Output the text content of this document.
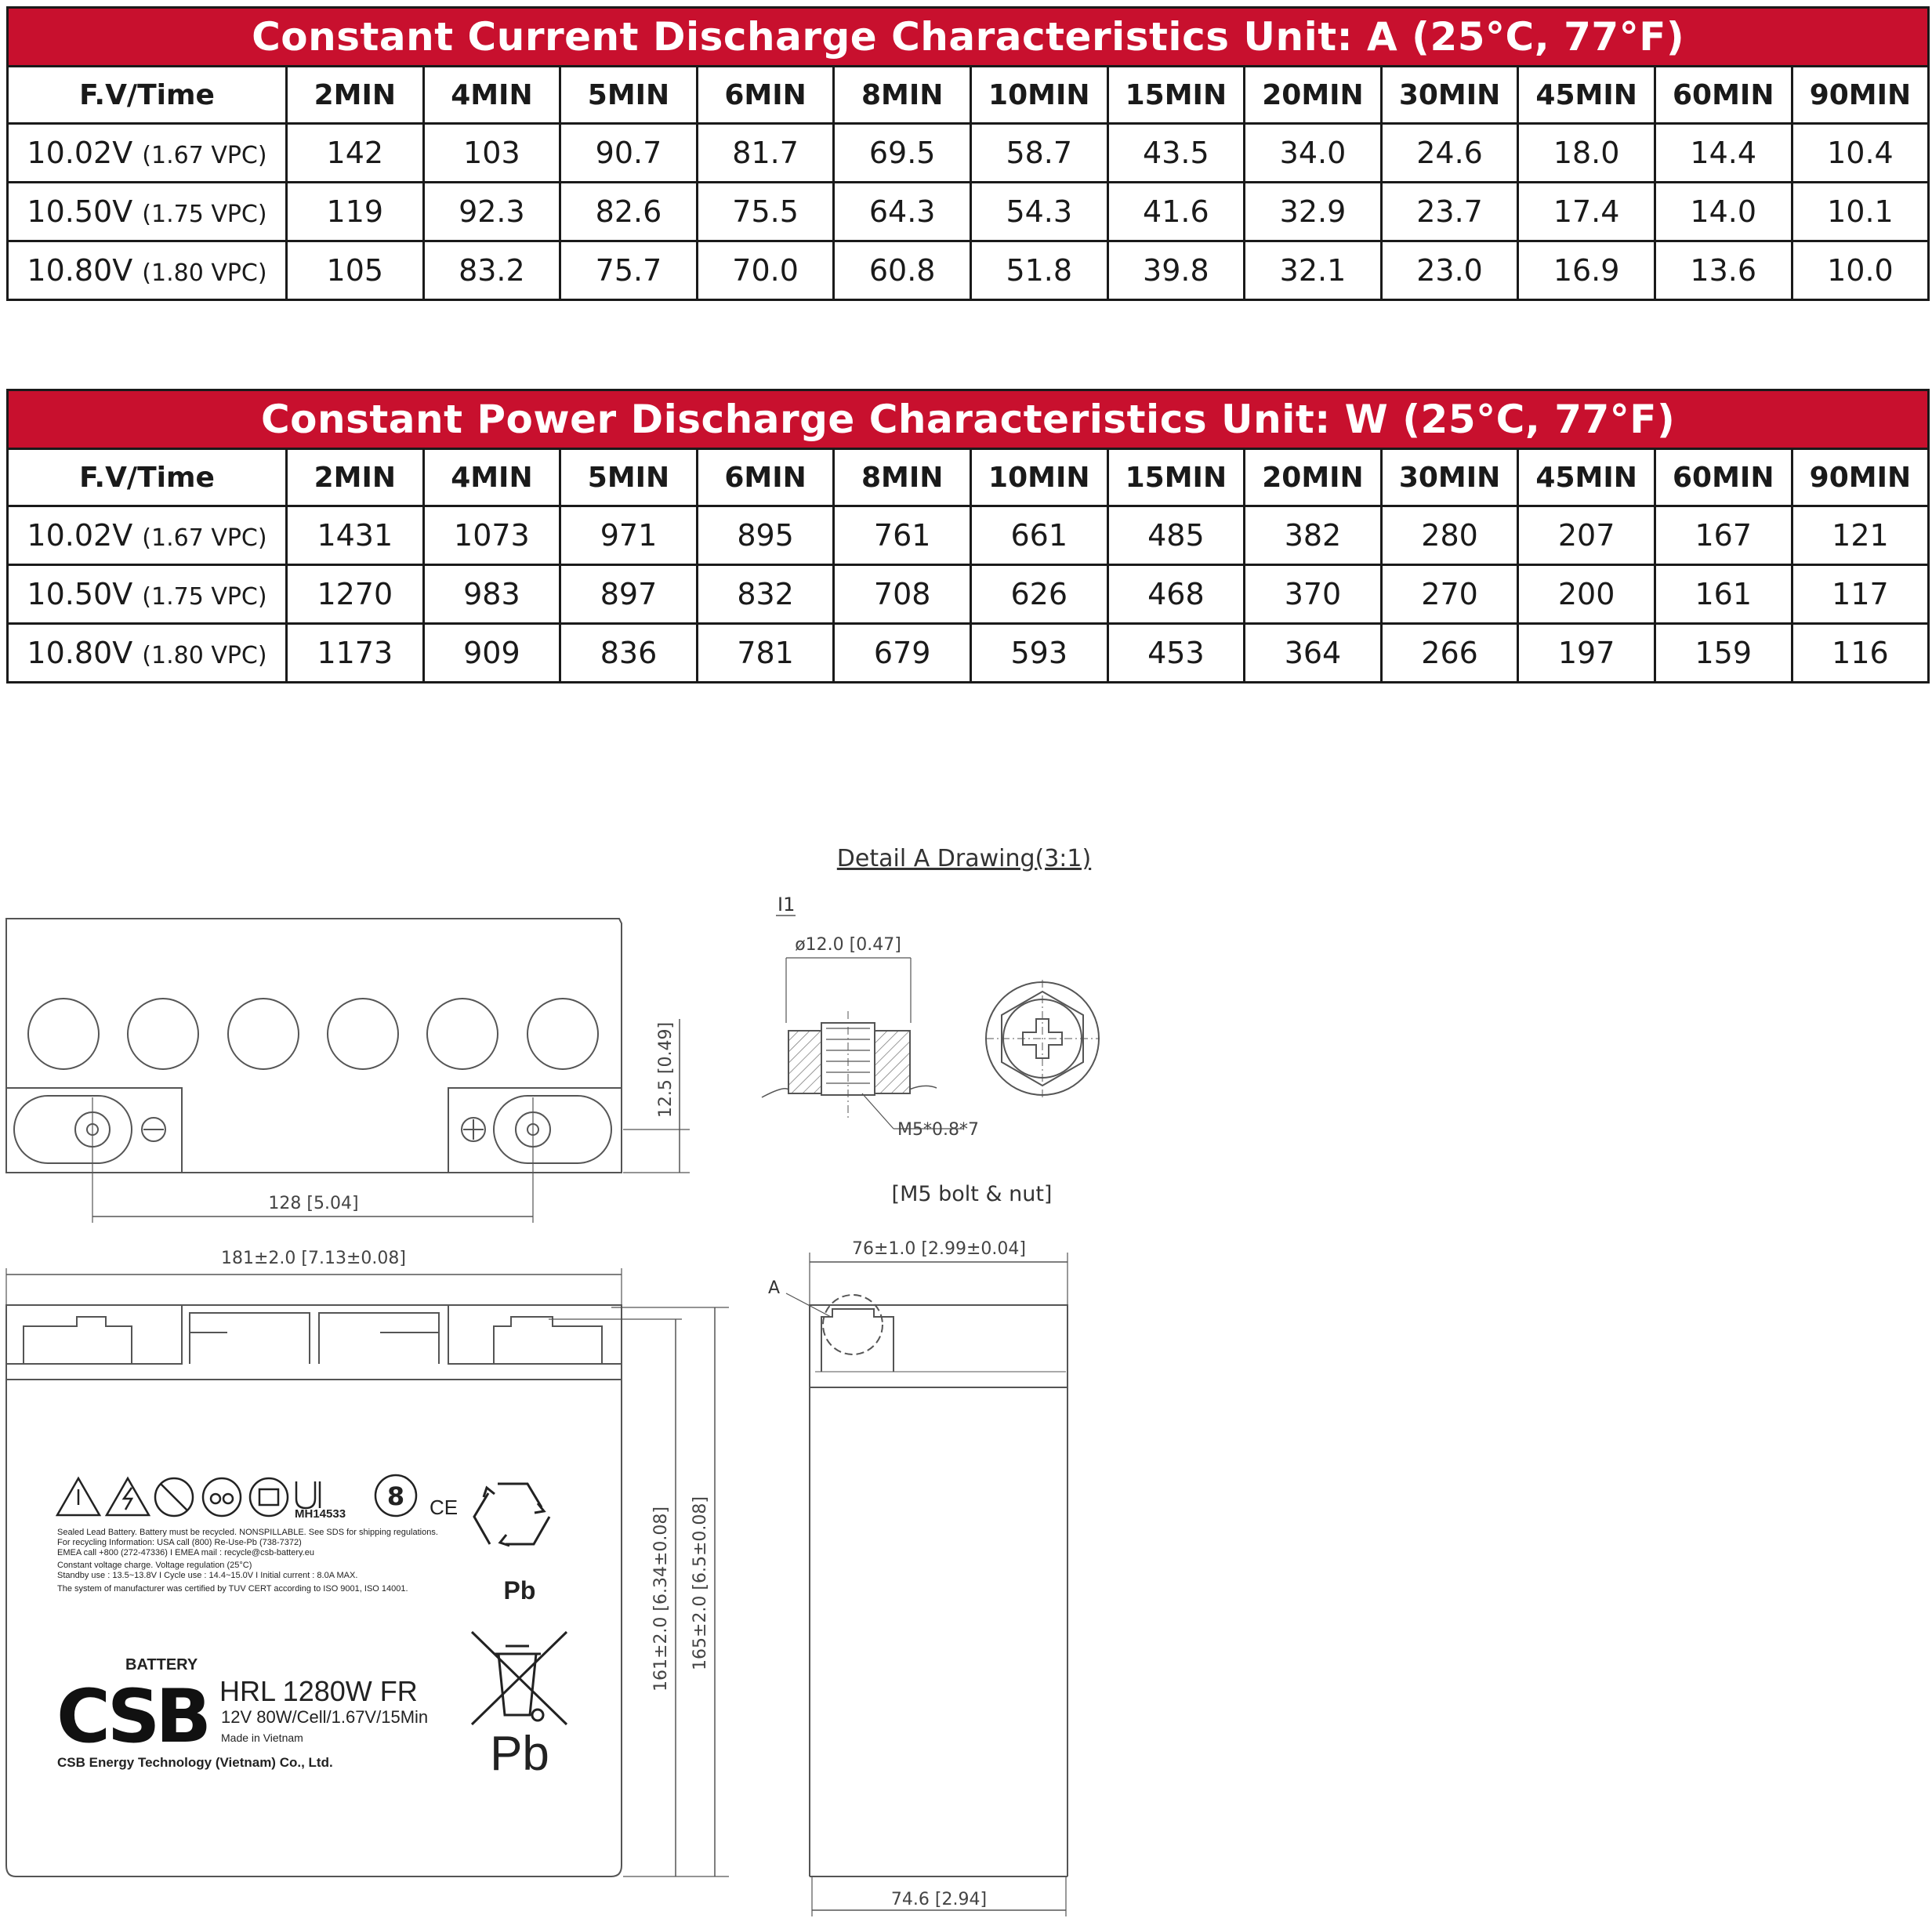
Constant Current Discharge Characteristics Unit: A (25°C, 77°F)												
F.V/Time	2MIN	4MIN	5MIN	6MIN	8MIN	10MIN	15MIN	20MIN	30MIN	45MIN	60MIN	90MIN
10.02V (1.67 VPC)	142	103	90.7	81.7	69.5	58.7	43.5	34.0	24.6	18.0	14.4	10.4
10.50V (1.75 VPC)	119	92.3	82.6	75.5	64.3	54.3	41.6	32.9	23.7	17.4	14.0	10.1
10.80V (1.80 VPC)	105	83.2	75.7	70.0	60.8	51.8	39.8	32.1	23.0	16.9	13.6	10.0
Constant Power Discharge Characteristics Unit: W (25°C, 77°F)												
F.V/Time	2MIN	4MIN	5MIN	6MIN	8MIN	10MIN	15MIN	20MIN	30MIN	45MIN	60MIN	90MIN
10.02V (1.67 VPC)	1431	1073	971	895	761	661	485	382	280	207	167	121
10.50V (1.75 VPC)	1270	983	897	832	708	626	468	370	270	200	161	117
10.80V (1.80 VPC)	1173	909	836	781	679	593	453	364	266	197	159	116
128 [5.04]
12.5 [0.49]
Detail A Drawing(3:1)
I1
ø12.0 [0.47]
M5*0.8*7
[M5 bolt & nut]
181±2.0 [7.13±0.08]
161±2.0 [6.34±0.08] 165±2.0 [6.5±0.08]
8
MH14533	CE
Sealed Lead Battery. Battery must be recycled. NONSPILLABLE. See SDS for shipping regulations.
For recycling Information: USA call (800) Re-Use-Pb (738-7372)
EMEA call +800 (272-47336) I EMEA mail : recycle@csb-battery.eu
Constant voltage charge. Voltage regulation (25°C)
Standby use : 13.5~13.8V I Cycle use : 14.4~15.0V I Initial current : 8.0A MAX.
The system of manufacturer was certified by TUV CERT according to ISO 9001, ISO 14001.	Pb
Pb
BATTERY
CSB HRL 1280W FR
12V 80W/Cell/1.67V/15Min
Made in Vietnam
CSB Energy Technology (Vietnam) Co., Ltd.
76±1.0 [2.99±0.04]
A
74.6 [2.94]
